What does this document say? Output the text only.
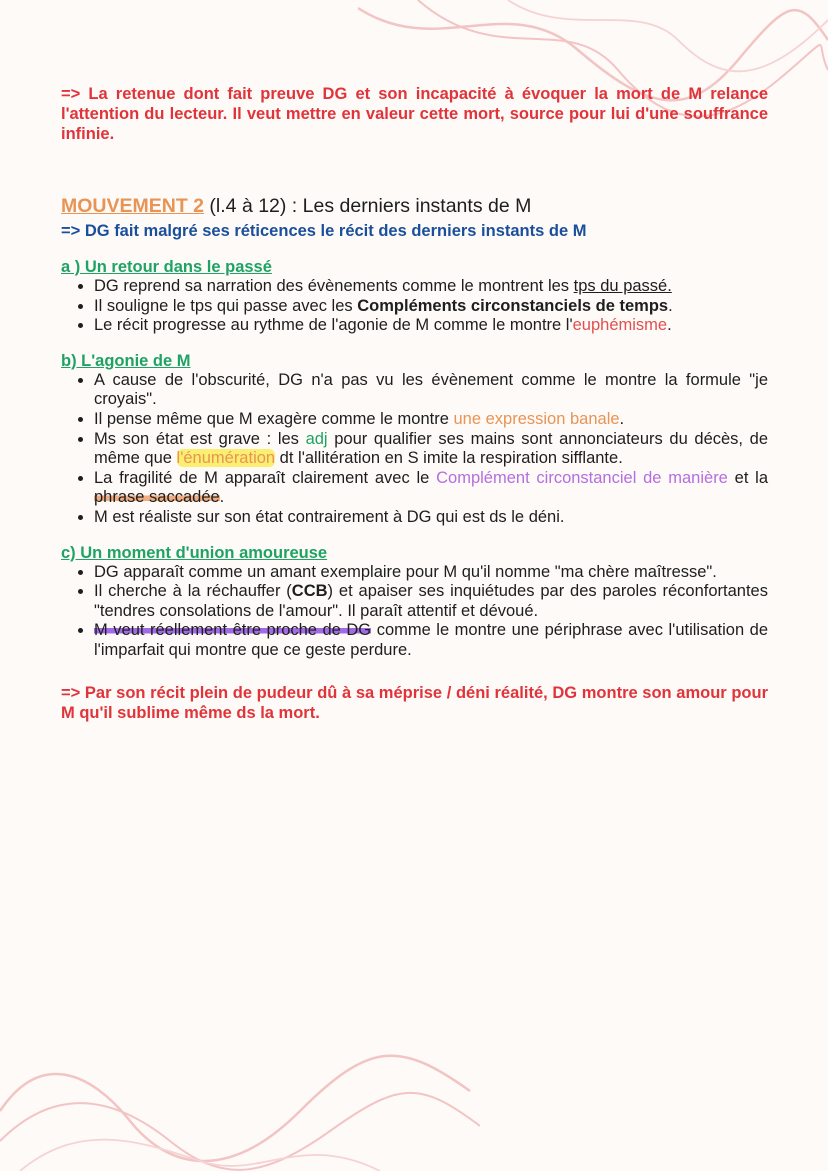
=> La retenue dont fait preuve DG et son incapacité à évoquer la mort de M relance l'attention du lecteur. Il veut mettre en valeur cette mort, source pour lui d'une souffrance infinie.

MOUVEMENT 2 (l.4 à 12) : Les derniers instants de M
=> DG fait malgré ses réticences le récit des derniers instants de M
a ) Un retour dans le passé
• DG reprend sa narration des évènements comme le montrent les tps du passé.
• Il souligne le tps qui passe avec les Compléments circonstanciels de temps.
• Le récit progresse au rythme de l'agonie de M comme le montre l'euphémisme.
b) L'agonie de M
• A cause de l'obscurité, DG n'a pas vu les évènement comme le montre la formule "je croyais".
• Il pense même que M exagère comme le montre une expression banale.
• Ms son état est grave : les adj pour qualifier ses mains sont annonciateurs du décès, de même que l'énumération dt l'allitération en S imite la respiration sifflante.
• La fragilité de M apparaît clairement avec le Complément circonstanciel de manière et la phrase saccadée.
• M est réaliste sur son état contrairement à DG qui est ds le déni.
c) Un moment d'union amoureuse
• DG apparaît comme un amant exemplaire pour M qu'il nomme "ma chère maîtresse".
• Il cherche à la réchauffer (CCB) et apaiser ses inquiétudes par des paroles réconfortantes "tendres consolations de l'amour". Il paraît attentif et dévoué.
• M veut réellement être proche de DG comme le montre une périphrase avec l'utilisation de l'imparfait qui montre que ce geste perdure.

=> Par son récit plein de pudeur dû à sa méprise / déni réalité, DG montre son amour pour M qu'il sublime même ds la mort.
